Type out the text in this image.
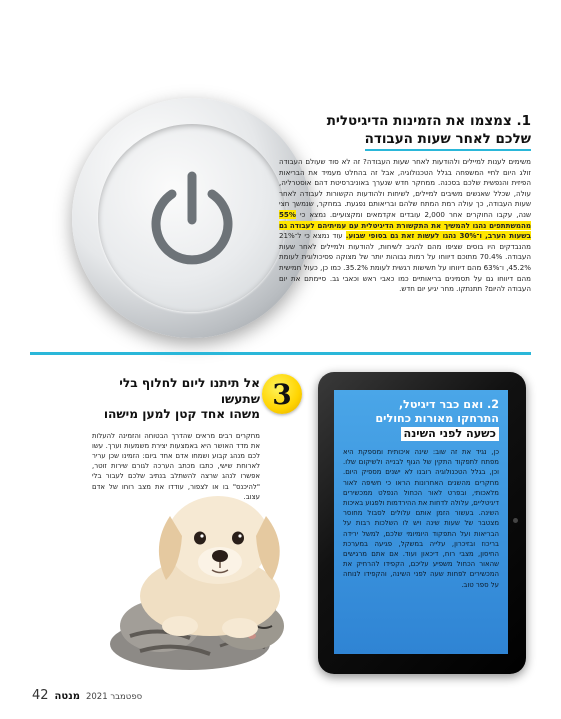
1. צמצמו את הזמינות הדיגיטלית
שלכם לאחר שעות העבודה

משימים לענות למיילים ולהודעות לאחר שעות העבודה? זה לא סוד שעולם העבודה זולג היום לחיי המשפחה בגלל הטכנולוגיה, אבל זה בהחלט מעמיד את הבריאות הפיזית והנפשית שלכם בסכנה. ממחקר חדש שנערך באוניברסיטת דהם אוסטרליה, עולה, שכלל שאנשים משיבים למיילים, לשיחות ולהודעות הקשורות לעבודה לאחר שעות העבודה, כך עולה רמת המתח שלהם ובריאותם נפגעת. במחקר, שנמשך חצי שנה, עקבו החוקרים אחר 2,000 עובדים אקדמאים ומקצועיים. נמצא כי 55% מהמשתתפים נהגו להמשיך את התקשורת הדיגיטלית עם עמיתיהם לעבודה גם בשעות הערב, ו־30% נהגו לעשות זאת גם בסופי שבוע. עוד נמצא כי ל־21% מהנבדקים היו בוסים שציפו מהם להגיב לשיחות, להודעות ולמיילים לאחר שעות העבודה. 70.4% מתוכם דיווחו על רמות גבוהות יותר של מצוקה פסיכולוגית לעומת 45.2%, ו־63% מהם דיווחו על תשישות רגשית לעומת 35.2%. כמו כן, כעול חמישית מהם דיווחו גם על תסמינים בריאותיים כמו כאבי ראש וכאבי גב. סיימתם את יום העבודה להיום? תתנתקו. מחר יגיע יום חדש.

3
אל תיתנו ליום לחלוף בלי שתעשו
משהו אחד קטן למען מישהו

מחקרים רבים מראים שהדרך הבטוחה והזמינה להעלות את מדד האושר היא באמצעות יצירת משמעות וערך. עשו לכם מנהג קבוע ושמחו אדם אחד ביום: הזמינו שכן עריר לארוחת שישי, כתבו מכתב הערכה לגורם שירות זוטר, אפשרו לנהג שרצה להשתלב בנתיב שלכם לעבור בלי "להיכנס" בו או לצפור, עודדו את מצב רוחו של אדם עצוב.

2. ואם כבר דיגיטל,
התרחקו מאורות כחולים
כשעה לפני השינה

כן, נגיד את זה שוב: שינה איכותית ומספקת היא מפתח לתפקוד התקין של הגוף לבנייה ולשיקום שלו. וכן, בגלל הטכנולוגיה רובנו לא ישנים מספיק היום. מחקרים מהשנים האחרונות הראו כי חשיפה לאור מלאכותי, ובפרט לאור הכחול הנפלט ממכשירים דיגיטליים, עלולה לדחות את ההירדמות ולפגוע באיכות השינה. בעשור הזמן אותם עלולים לסבול מחוסר מצטבר של שעות שינה ויש לו השלכות רבות על הבריאות ועל התפקוד היומיומי שלכם, למשל ירידה בריכוז ובזיכרון, עלייה במשקל, פגיעה במערכת החיסון, מצבי רוח, דיכאון ועוד. אם אתם מרגישים שהאור הכחול משפיע עליכם, הקפידו להרחיק את המכשירים לפחות שעה לפני השינה, והקפידו לנוחה על ספר טוב.

42 מנטה ספטמבר 2021
